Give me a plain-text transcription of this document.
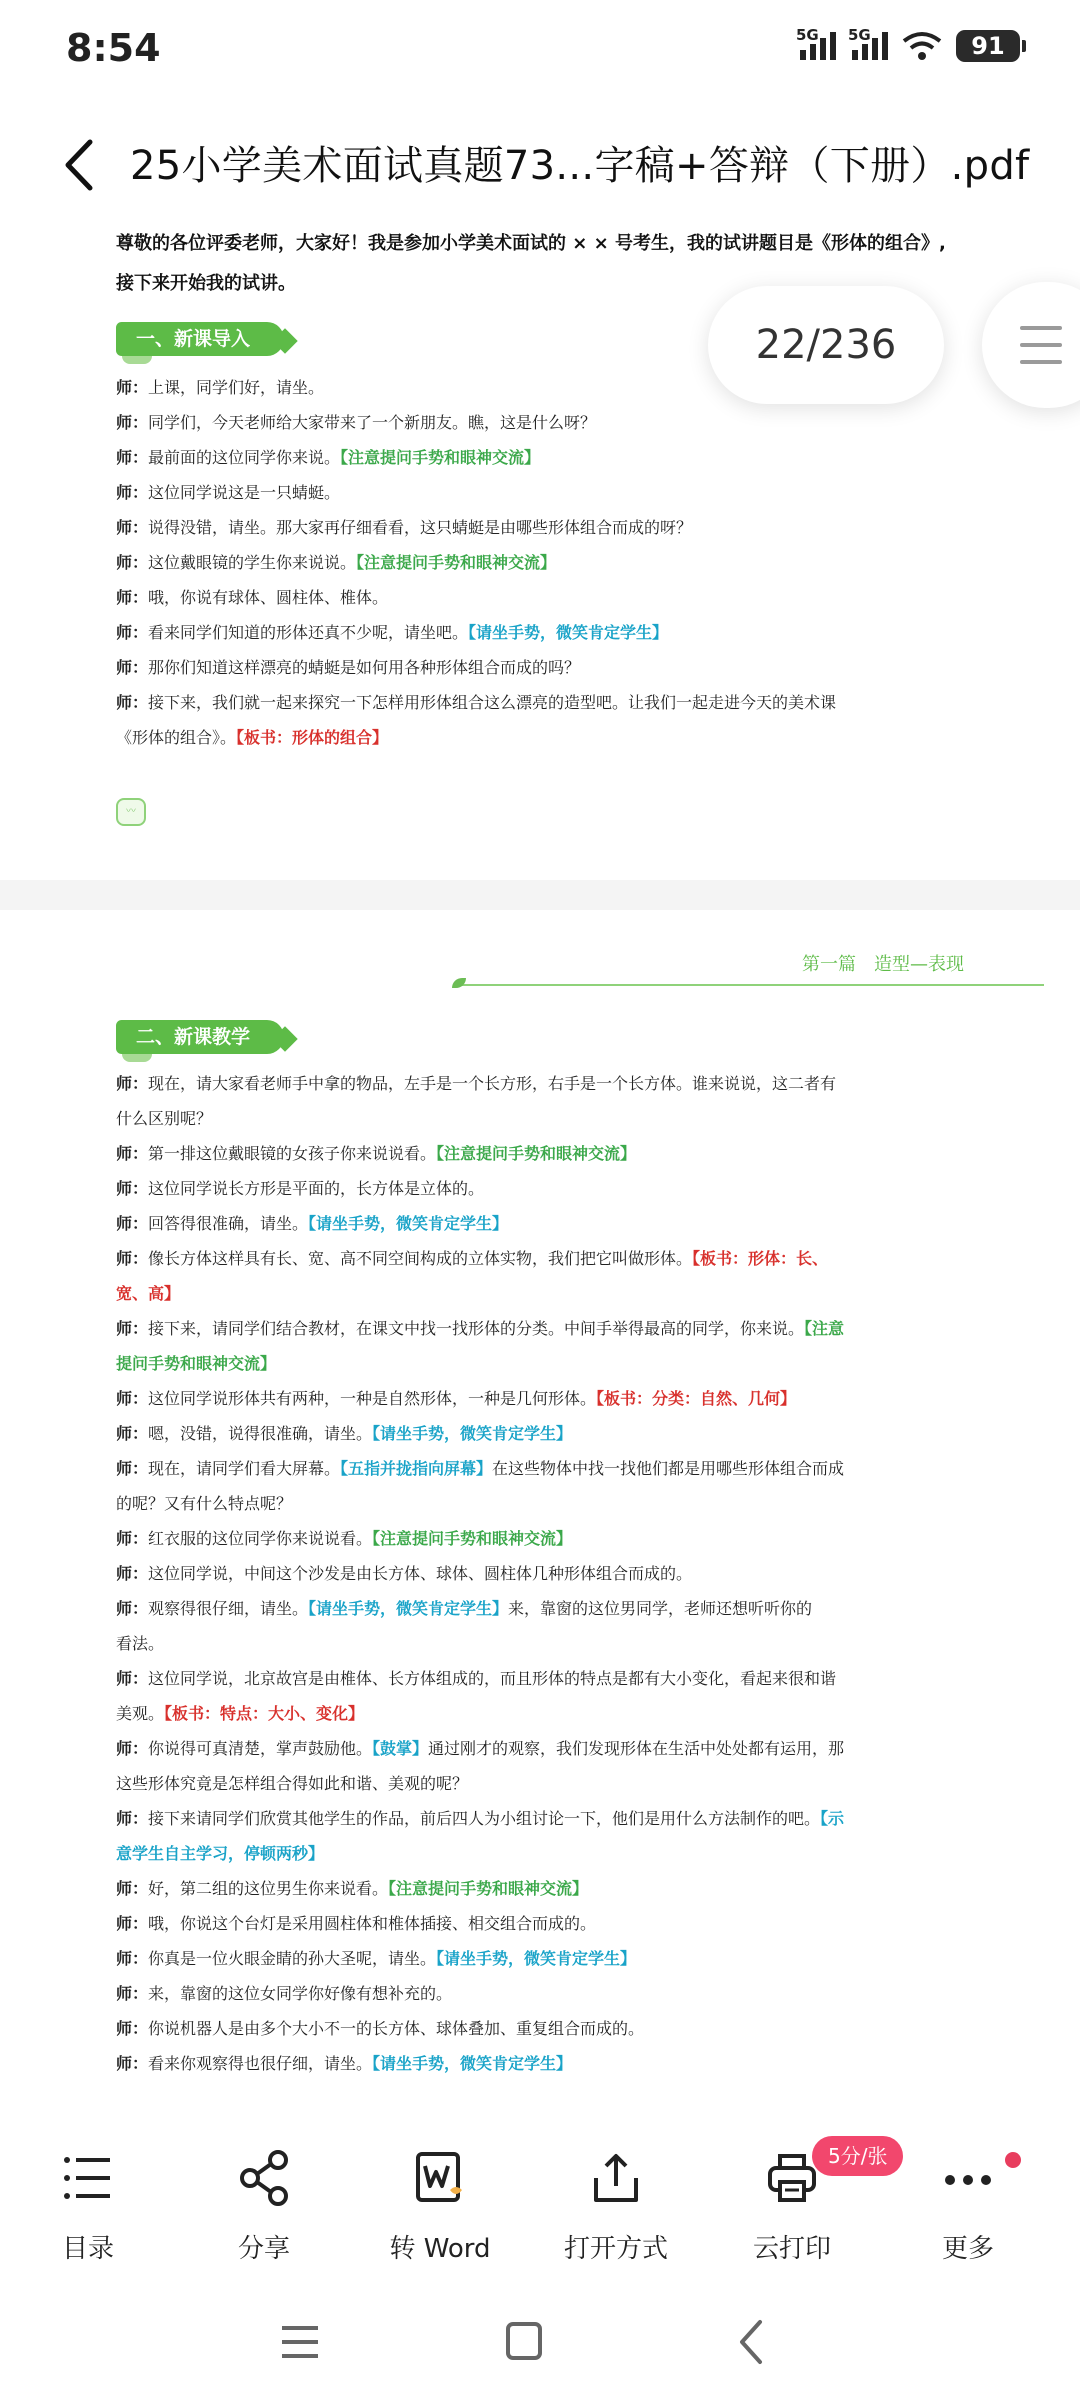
8:54	5G 5G	91
25小学美术面试真题73...字稿+答辩（下册）.pdf
尊敬的各位评委老师，大家好！我是参加小学美术面试的 × × 号考生，我的试讲题目是《形体的组合》,
接下来开始我的试讲。
一、新课导入

师：上课，同学们好，请坐。

师：同学们，今天老师给大家带来了一个新朋友。瞧，这是什么呀？

师：最前面的这位同学你来说。【注意提问手势和眼神交流】

师：这位同学说这是一只蜻蜓。

师：说得没错，请坐。那大家再仔细看看，这只蜻蜓是由哪些形体组合而成的呀？

师：这位戴眼镜的学生你来说说。【注意提问手势和眼神交流】

师：哦，你说有球体、圆柱体、椎体。

师：看来同学们知道的形体还真不少呢，请坐吧。【请坐手势，微笑肯定学生】

师：那你们知道这样漂亮的蜻蜓是如何用各种形体组合而成的吗？

师：接下来，我们就一起来探究一下怎样用形体组合这么漂亮的造型吧。让我们一起走进今天的美术课

《形体的组合》。【板书：形体的组合】

〰
第一篇　造型—表现
二、新课教学

师：现在，请大家看老师手中拿的物品，左手是一个长方形，右手是一个长方体。谁来说说，这二者有

什么区别呢？

师：第一排这位戴眼镜的女孩子你来说说看。【注意提问手势和眼神交流】

师：这位同学说长方形是平面的，长方体是立体的。

师：回答得很准确，请坐。【请坐手势，微笑肯定学生】

师：像长方体这样具有长、宽、高不同空间构成的立体实物，我们把它叫做形体。【板书：形体：长、

宽、高】

师：接下来，请同学们结合教材，在课文中找一找形体的分类。中间手举得最高的同学，你来说。【注意

提问手势和眼神交流】

师：这位同学说形体共有两种，一种是自然形体，一种是几何形体。【板书：分类：自然、几何】

师：嗯，没错，说得很准确，请坐。【请坐手势，微笑肯定学生】

师：现在，请同学们看大屏幕。【五指并拢指向屏幕】在这些物体中找一找他们都是用哪些形体组合而成

的呢？又有什么特点呢？

师：红衣服的这位同学你来说说看。【注意提问手势和眼神交流】

师：这位同学说，中间这个沙发是由长方体、球体、圆柱体几种形体组合而成的。

师：观察得很仔细，请坐。【请坐手势，微笑肯定学生】来，靠窗的这位男同学，老师还想听听你的

看法。

师：这位同学说，北京故宫是由椎体、长方体组成的，而且形体的特点是都有大小变化，看起来很和谐

美观。【板书：特点：大小、变化】

师：你说得可真清楚，掌声鼓励他。【鼓掌】通过刚才的观察，我们发现形体在生活中处处都有运用，那

这些形体究竟是怎样组合得如此和谐、美观的呢？

师：接下来请同学们欣赏其他学生的作品，前后四人为小组讨论一下，他们是用什么方法制作的吧。【示

意学生自主学习，停顿两秒】

师：好，第二组的这位男生你来说看。【注意提问手势和眼神交流】

师：哦，你说这个台灯是采用圆柱体和椎体插接、相交组合而成的。

师：你真是一位火眼金睛的孙大圣呢，请坐。【请坐手势，微笑肯定学生】

师：来，靠窗的这位女同学你好像有想补充的。

师：你说机器人是由多个大小不一的长方体、球体叠加、重复组合而成的。

师：看来你观察得也很仔细，请坐。【请坐手势，微笑肯定学生】

22/236
目录	分享	转 Word	打开方式	云打印	更多
5分/张
